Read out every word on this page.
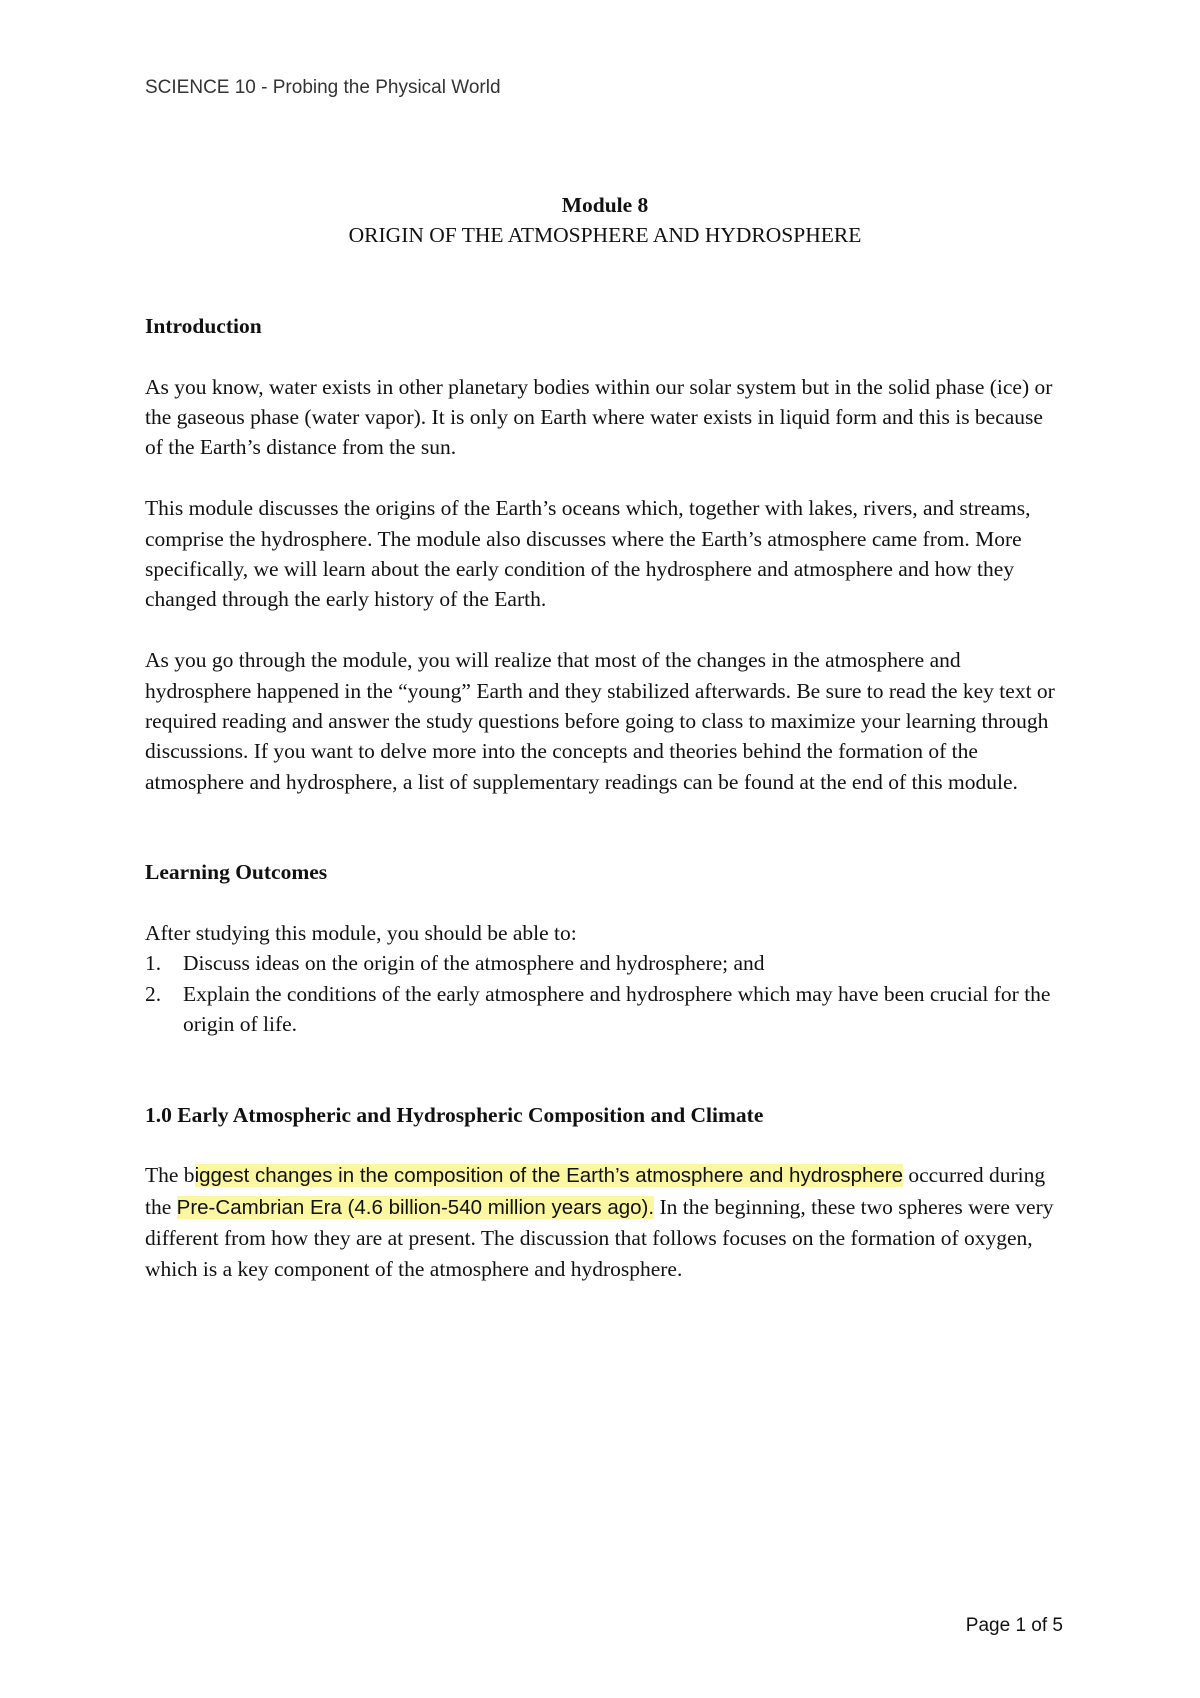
SCIENCE 10 - Probing the Physical World
Module 8
ORIGIN OF THE ATMOSPHERE AND HYDROSPHERE
Introduction

As you know, water exists in other planetary bodies within our solar system but in the solid phase (ice) or the gaseous phase (water vapor). It is only on Earth where water exists in liquid form and this is because of the Earth’s distance from the sun.

This module discusses the origins of the Earth’s oceans which, together with lakes, rivers, and streams, comprise the hydrosphere. The module also discusses where the Earth’s atmosphere came from. More specifically, we will learn about the early condition of the hydrosphere and atmosphere and how they changed through the early history of the Earth.

As you go through the module, you will realize that most of the changes in the atmosphere and hydrosphere happened in the “young” Earth and they stabilized afterwards. Be sure to read the key text or required reading and answer the study questions before going to class to maximize your learning through discussions. If you want to delve more into the concepts and theories behind the formation of the atmosphere and hydrosphere, a list of supplementary readings can be found at the end of this module.

Learning Outcomes

After studying this module, you should be able to:

1. Discuss ideas on the origin of the atmosphere and hydrosphere; and
2. Explain the conditions of the early atmosphere and hydrosphere which may have been crucial for the origin of life.
1.0 Early Atmospheric and Hydrospheric Composition and Climate

The biggest changes in the composition of the Earth’s atmosphere and hydrosphere occurred during the Pre-Cambrian Era (4.6 billion-540 million years ago). In the beginning, these two spheres were very different from how they are at present. The discussion that follows focuses on the formation of oxygen, which is a key component of the atmosphere and hydrosphere.

Page 1 of 5
